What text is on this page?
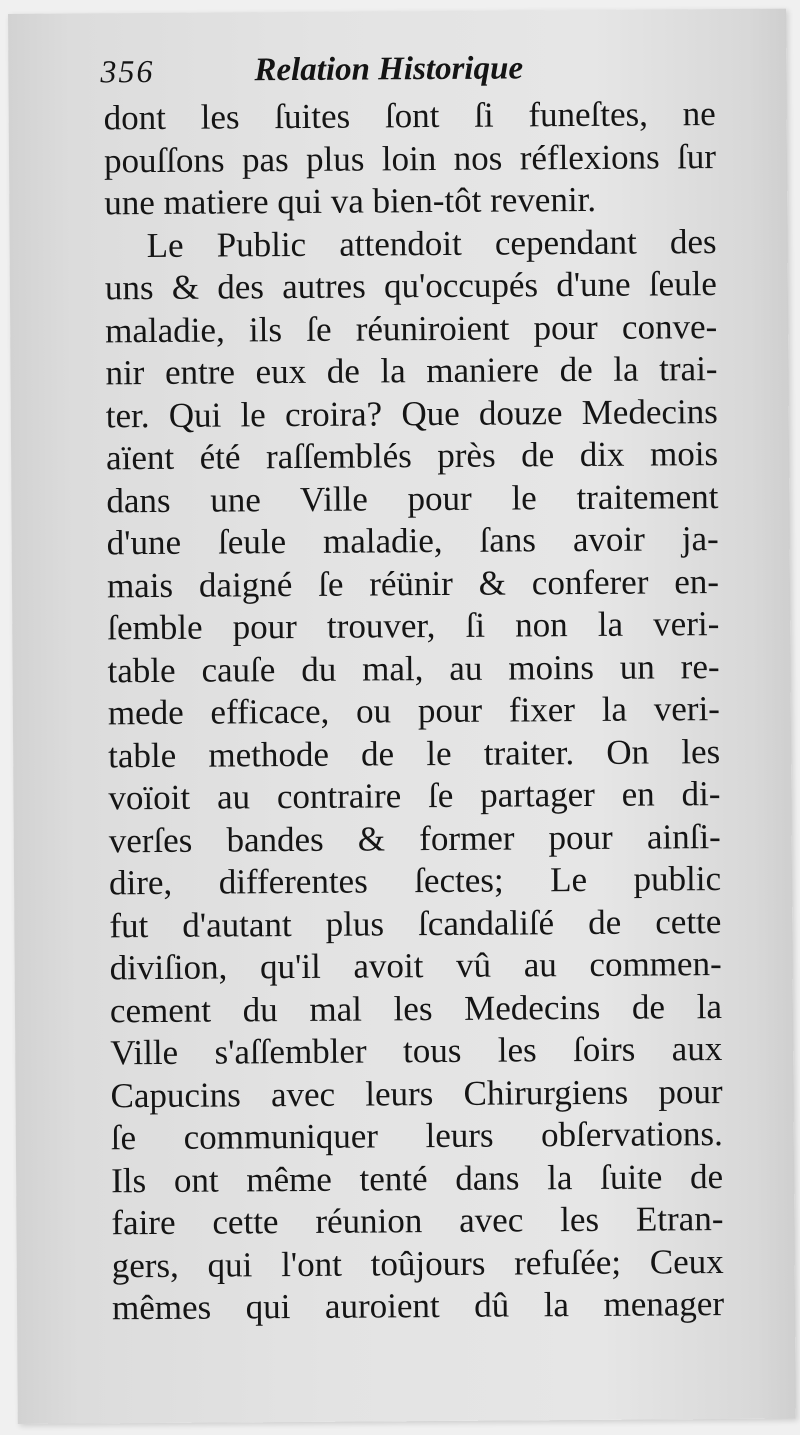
356	Relation Historique
dont les ſuites ſont ſi funeſtes, ne
pouſſons pas plus loin nos réflexions ſur
une matiere qui va bien-tôt revenir.
Le Public attendoit cependant des
uns & des autres qu'occupés d'une ſeule
maladie, ils ſe réuniroient pour conve-
nir entre eux de la maniere de la trai-
ter. Qui le croira? Que douze Medecins
aïent été raſſemblés près de dix mois
dans une Ville pour le traitement
d'une ſeule maladie, ſans avoir ja-
mais daigné ſe réünir & conferer en-
ſemble pour trouver, ſi non la veri-
table cauſe du mal, au moins un re-
mede efficace, ou pour fixer la veri-
table methode de le traiter. On les
voïoit au contraire ſe partager en di-
verſes bandes & former pour ainſi-
dire, differentes ſectes; Le public
fut d'autant plus ſcandaliſé de cette
diviſion, qu'il avoit vû au commen-
cement du mal les Medecins de la
Ville s'aſſembler tous les ſoirs aux
Capucins avec leurs Chirurgiens pour
ſe communiquer leurs obſervations.
Ils ont même tenté dans la ſuite de
faire cette réunion avec les Etran-
gers, qui l'ont toûjours refuſée; Ceux
mêmes qui auroient dû la menager
